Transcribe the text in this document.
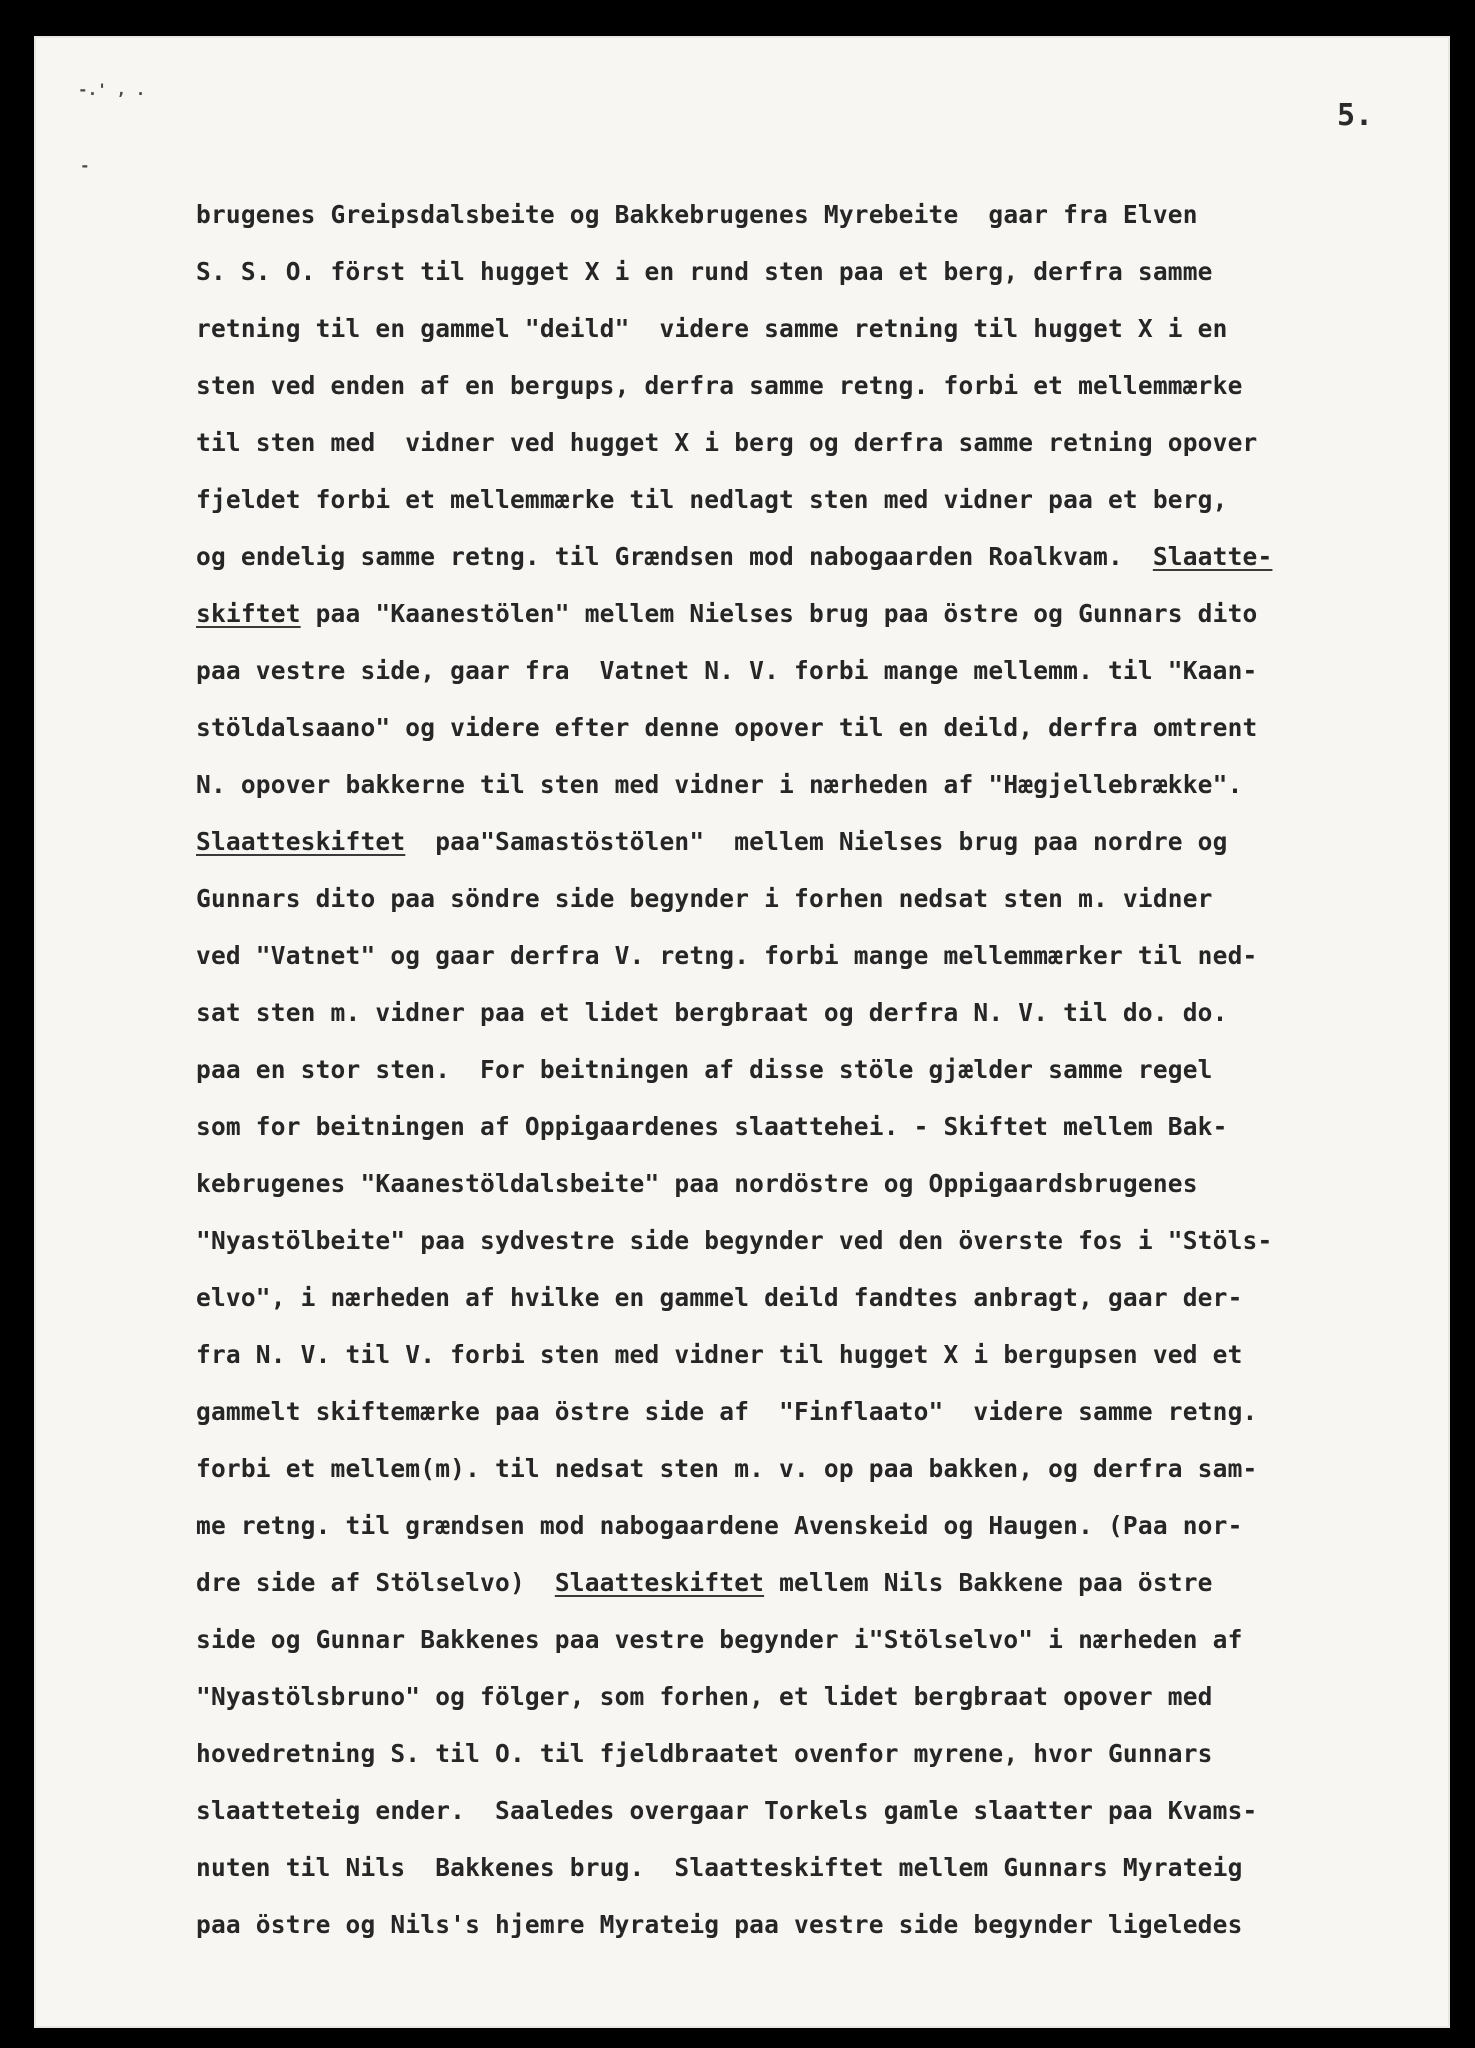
-.' , .
-
5.
brugenes Greipsdalsbeite og Bakkebrugenes Myrebeite  gaar fra Elven
S. S. O. först til hugget X i en rund sten paa et berg, derfra samme
retning til en gammel "deild"  videre samme retning til hugget X i en
sten ved enden af en bergups, derfra samme retng. forbi et mellemmærke
til sten med  vidner ved hugget X i berg og derfra samme retning opover
fjeldet forbi et mellemmærke til nedlagt sten med vidner paa et berg,
og endelig samme retng. til Grændsen mod nabogaarden Roalkvam.  Slaatte-
skiftet paa "Kaanestölen" mellem Nielses brug paa östre og Gunnars dito
paa vestre side, gaar fra  Vatnet N. V. forbi mange mellemm. til "Kaan-
stöldalsaano" og videre efter denne opover til en deild, derfra omtrent
N. opover bakkerne til sten med vidner i nærheden af "Hægjellebrække".
Slaatteskiftet  paa"Samastöstölen"  mellem Nielses brug paa nordre og
Gunnars dito paa söndre side begynder i forhen nedsat sten m. vidner
ved "Vatnet" og gaar derfra V. retng. forbi mange mellemmærker til ned-
sat sten m. vidner paa et lidet bergbraat og derfra N. V. til do. do.
paa en stor sten.  For beitningen af disse stöle gjælder samme regel
som for beitningen af Oppigaardenes slaattehei. - Skiftet mellem Bak-
kebrugenes "Kaanestöldalsbeite" paa nordöstre og Oppigaardsbrugenes
"Nyastölbeite" paa sydvestre side begynder ved den överste fos i "Stöls-
elvo", i nærheden af hvilke en gammel deild fandtes anbragt, gaar der-
fra N. V. til V. forbi sten med vidner til hugget X i bergupsen ved et
gammelt skiftemærke paa östre side af  "Finflaato"  videre samme retng.
forbi et mellem(m). til nedsat sten m. v. op paa bakken, og derfra sam-
me retng. til grændsen mod nabogaardene Avenskeid og Haugen. (Paa nor-
dre side af Stölselvo)  Slaatteskiftet mellem Nils Bakkene paa östre
side og Gunnar Bakkenes paa vestre begynder i"Stölselvo" i nærheden af
"Nyastölsbruno" og fölger, som forhen, et lidet bergbraat opover med
hovedretning S. til O. til fjeldbraatet ovenfor myrene, hvor Gunnars
slaatteteig ender.  Saaledes overgaar Torkels gamle slaatter paa Kvams-
nuten til Nils  Bakkenes brug.  Slaatteskiftet mellem Gunnars Myrateig
paa östre og Nils's hjemre Myrateig paa vestre side begynder ligeledes
